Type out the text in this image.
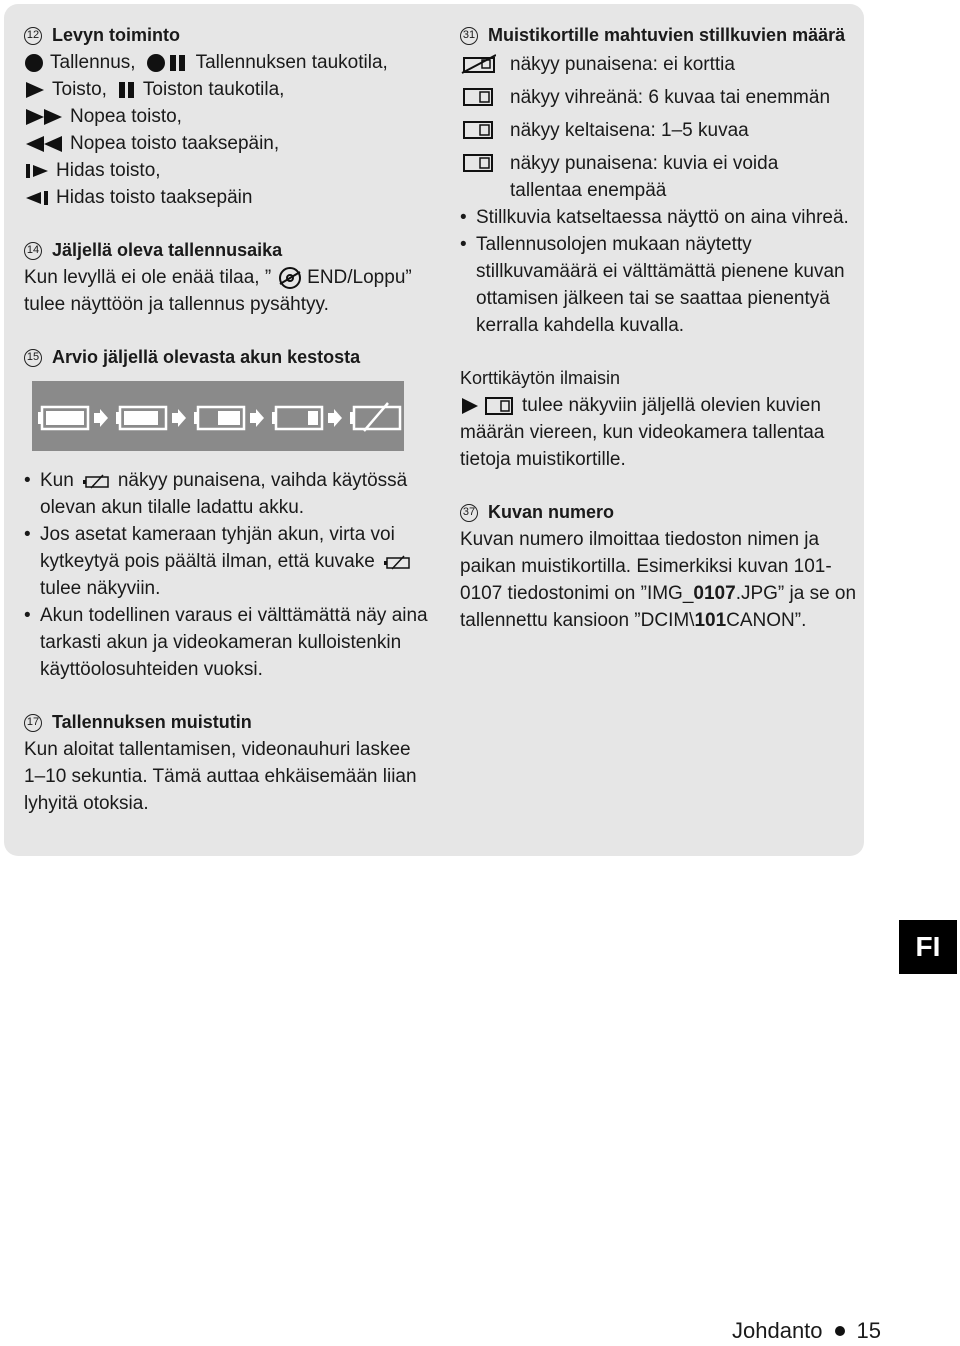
12 Levyn toiminto
Tallennus,	Tallennuksen taukotila,
Toisto, Toiston taukotila,
Nopea toisto,
Nopea toisto taaksepäin,
Hidas toisto,
Hidas toisto taaksepäin
14 Jäljellä oleva tallennusaika
Kun levyllä ei ole enää tilaa, ” END/Loppu”
tulee näyttöön ja tallennus pysähtyy.
15 Arvio jäljellä olevasta akun kestosta
• Kun näkyy punaisena, vaihda käytössä
olevan akun tilalle ladattu akku.
• Jos asetat kameraan tyhjän akun, virta voi
kytkeytyä pois päältä ilman, että kuvake
tulee näkyviin.
• Akun todellinen varaus ei välttämättä näy aina
tarkasti akun ja videokameran kulloistenkin
käyttöolosuhteiden vuoksi.
17 Tallennuksen muistutin
Kun aloitat tallentamisen, videonauhuri laskee
1–10 sekuntia. Tämä auttaa ehkäisemään liian
lyhyitä otoksia.
31 Muistikortille mahtuvien stillkuvien määrä
näkyy punaisena: ei korttia
näkyy vihreänä: 6 kuvaa tai enemmän
näkyy keltaisena: 1–5 kuvaa
näkyy punaisena: kuvia ei voida tallentaa enempää
• Stillkuvia katseltaessa näyttö on aina vihreä.
• Tallennusolojen mukaan näytetty stillkuvamäärä ei välttämättä pienene kuvan ottamisen jälkeen tai se saattaa pienentyä kerralla kahdella kuvalla.
Korttikäytön ilmaisin
tulee näkyviin jäljellä olevien kuvien
määrän viereen, kun videokamera tallentaa
tietoja muistikortille.
37 Kuvan numero
Kuvan numero ilmoittaa tiedoston nimen ja
paikan muistikortilla. Esimerkiksi kuvan 101-
0107 tiedostonimi on ”IMG_ 0107 .JPG” ja se on
tallennettu kansioon ”DCIM\ 101 CANON”.
FI
Johdanto 15
